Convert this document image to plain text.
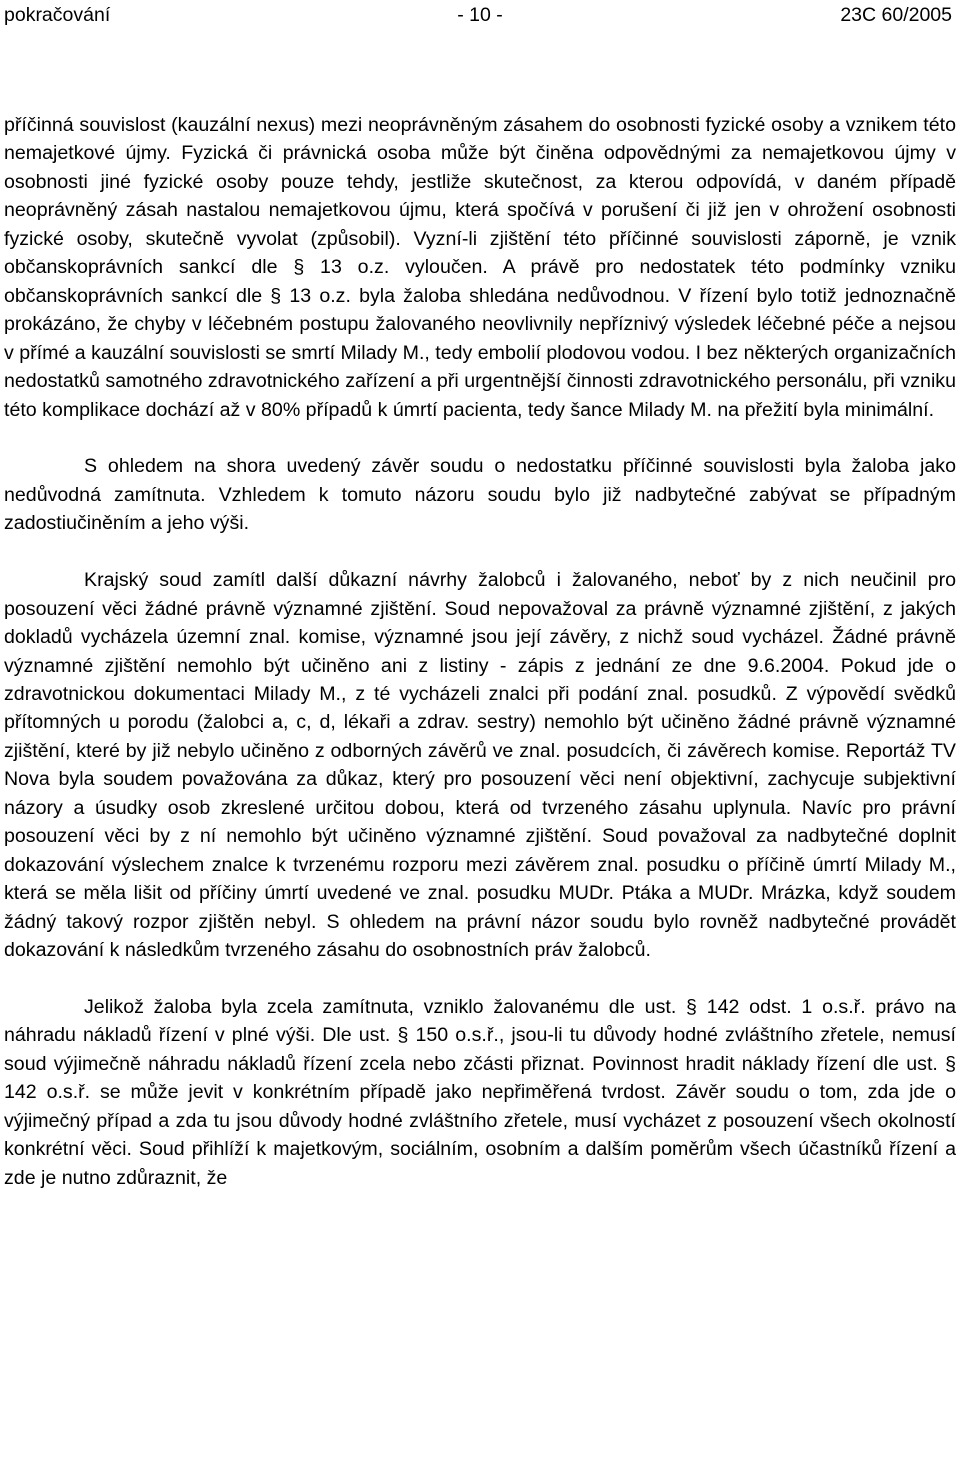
pokračování	- 10 -	23C 60/2005

příčinná souvislost (kauzální nexus) mezi neoprávněným zásahem do osobnosti fyzické osoby a vznikem této nemajetkové újmy. Fyzická či právnická osoba může být činěna odpovědnými za nemajetkovou újmy v osobnosti jiné fyzické osoby pouze tehdy, jestliže skutečnost, za kterou odpovídá, v daném případě neoprávněný zásah nastalou nemajetkovou újmu, která spočívá v porušení či již jen v ohrožení osobnosti fyzické osoby, skutečně vyvolat (způsobil). Vyzní-li zjištění této příčinné souvislosti záporně, je vznik občanskoprávních sankcí dle § 13 o.z. vyloučen. A právě pro nedostatek této podmínky vzniku občanskoprávních sankcí dle § 13 o.z. byla žaloba shledána nedůvodnou. V řízení bylo totiž jednoznačně prokázáno, že chyby v léčebném postupu žalovaného neovlivnily nepříznivý výsledek léčebné péče a nejsou v přímé a kauzální souvislosti se smrtí Milady M., tedy embolií plodovou vodou. I bez některých organizačních nedostatků samotného zdravotnického zařízení a při urgentnější činnosti zdravotnického personálu, při vzniku této komplikace dochází až v 80% případů k úmrtí pacienta, tedy šance Milady M. na přežití byla minimální.

S ohledem na shora uvedený závěr soudu o nedostatku příčinné souvislosti byla žaloba jako nedůvodná zamítnuta. Vzhledem k tomuto názoru soudu bylo již nadbytečné zabývat se případným zadostiučiněním a jeho výši.

Krajský soud zamítl další důkazní návrhy žalobců i žalovaného, neboť by z nich neučinil pro posouzení věci žádné právně významné zjištění. Soud nepovažoval za právně významné zjištění, z jakých dokladů vycházela územní znal. komise, významné jsou její závěry, z nichž soud vycházel. Žádné právně významné zjištění nemohlo být učiněno ani z listiny - zápis z jednání ze dne 9.6.2004. Pokud jde o zdravotnickou dokumentaci Milady M., z té vycházeli znalci při podání znal. posudků. Z výpovědí svědků přítomných u porodu (žalobci a, c, d, lékaři a zdrav. sestry) nemohlo být učiněno žádné právně významné zjištění, které by již nebylo učiněno z odborných závěrů ve znal. posudcích, či závěrech komise. Reportáž TV Nova byla soudem považována za důkaz, který pro posouzení věci není objektivní, zachycuje subjektivní názory a úsudky osob zkreslené určitou dobou, která od tvrzeného zásahu uplynula. Navíc pro právní posouzení věci by z ní nemohlo být učiněno významné zjištění. Soud považoval za nadbytečné doplnit dokazování výslechem znalce k tvrzenému rozporu mezi závěrem znal. posudku o příčině úmrtí Milady M., která se měla lišit od příčiny úmrtí uvedené ve znal. posudku MUDr. Ptáka a MUDr. Mrázka, když soudem žádný takový rozpor zjištěn nebyl. S ohledem na právní názor soudu bylo rovněž nadbytečné provádět dokazování k následkům tvrzeného zásahu do osobnostních práv žalobců.

Jelikož žaloba byla zcela zamítnuta, vzniklo žalovanému dle ust. § 142 odst. 1 o.s.ř. právo na náhradu nákladů řízení v plné výši. Dle ust. § 150 o.s.ř., jsou-li tu důvody hodné zvláštního zřetele, nemusí soud výjimečně náhradu nákladů řízení zcela nebo zčásti přiznat. Povinnost hradit náklady řízení dle ust. § 142 o.s.ř. se může jevit v konkrétním případě jako nepřiměřená tvrdost. Závěr soudu o tom, zda jde o výjimečný případ a zda tu jsou důvody hodné zvláštního zřetele, musí vycházet z posouzení všech okolností konkrétní věci. Soud přihlíží k majetkovým, sociálním, osobním a dalším poměrům všech účastníků řízení a zde je nutno zdůraznit, že
